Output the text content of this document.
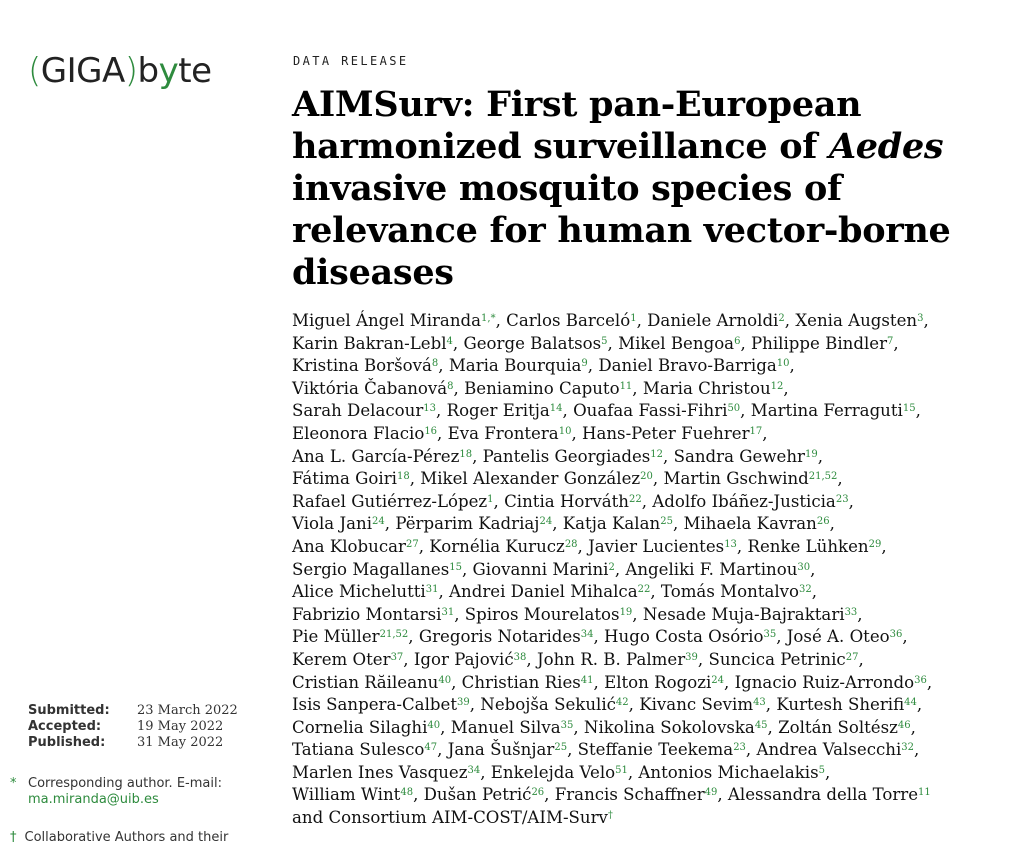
(GIGA)byte
Submitted:	23 March 2022
Accepted:	19 May 2022
Published:	31 May 2022
* Corresponding author. E-mail:
ma.miranda@uib.es
† Collaborative Authors and their
DATA RELEASE
AIMSurv: First pan-European harmonized surveillance of Aedes invasive mosquito species of relevance for human vector-borne diseases
Miguel Ángel Miranda$^{1,*}$, Carlos Barceló$^1$, Daniele Arnoldi$^2$, Xenia Augsten$^3$,
Karin Bakran-Lebl$^4$, George Balatsos$^5$, Mikel Bengoa$^6$, Philippe Bindler$^7$,
Kristina Boršová$^8$, Maria Bourquia$^9$, Daniel Bravo-Barriga$^{10}$,
Viktória Čabanová$^8$, Beniamino Caputo$^{11}$, Maria Christou$^{12}$,
Sarah Delacour$^{13}$, Roger Eritja$^{14}$, Ouafaa Fassi-Fihri$^{50}$, Martina Ferraguti$^{15}$,
Eleonora Flacio$^{16}$, Eva Frontera$^{10}$, Hans-Peter Fuehrer$^{17}$,
Ana L. García-Pérez$^{18}$, Pantelis Georgiades$^{12}$, Sandra Gewehr$^{19}$,
Fátima Goiri$^{18}$, Mikel Alexander González$^{20}$, Martin Gschwind$^{21,52}$,
Rafael Gutiérrez-López$^1$, Cintia Horváth$^{22}$, Adolfo Ibáñez-Justicia$^{23}$,
Viola Jani$^{24}$, Përparim Kadriaj$^{24}$, Katja Kalan$^{25}$, Mihaela Kavran$^{26}$,
Ana Klobucar$^{27}$, Kornélia Kurucz$^{28}$, Javier Lucientes$^{13}$, Renke Lühken$^{29}$,
Sergio Magallanes$^{15}$, Giovanni Marini$^2$, Angeliki F. Martinou$^{30}$,
Alice Michelutti$^{31}$, Andrei Daniel Mihalca$^{22}$, Tomás Montalvo$^{32}$,
Fabrizio Montarsi$^{31}$, Spiros Mourelatos$^{19}$, Nesade Muja-Bajraktari$^{33}$,
Pie Müller$^{21,52}$, Gregoris Notarides$^{34}$, Hugo Costa Osório$^{35}$, José A. Oteo$^{36}$,
Kerem Oter$^{37}$, Igor Pajović$^{38}$, John R. B. Palmer$^{39}$, Suncica Petrinic$^{27}$,
Cristian Răileanu$^{40}$, Christian Ries$^{41}$, Elton Rogozi$^{24}$, Ignacio Ruiz-Arrondo$^{36}$,
Isis Sanpera-Calbet$^{39}$, Nebojša Sekulić$^{42}$, Kivanc Sevim$^{43}$, Kurtesh Sherifi$^{44}$,
Cornelia Silaghi$^{40}$, Manuel Silva$^{35}$, Nikolina Sokolovska$^{45}$, Zoltán Soltész$^{46}$,
Tatiana Sulesco$^{47}$, Jana Šušnjar$^{25}$, Steffanie Teekema$^{23}$, Andrea Valsecchi$^{32}$,
Marlen Ines Vasquez$^{34}$, Enkelejda Velo$^{51}$, Antonios Michaelakis$^5$,
William Wint$^{48}$, Dušan Petrić$^{26}$, Francis Schaffner$^{49}$, Alessandra della Torre$^{11}$
and Consortium AIM-COST/AIM-Surv†
